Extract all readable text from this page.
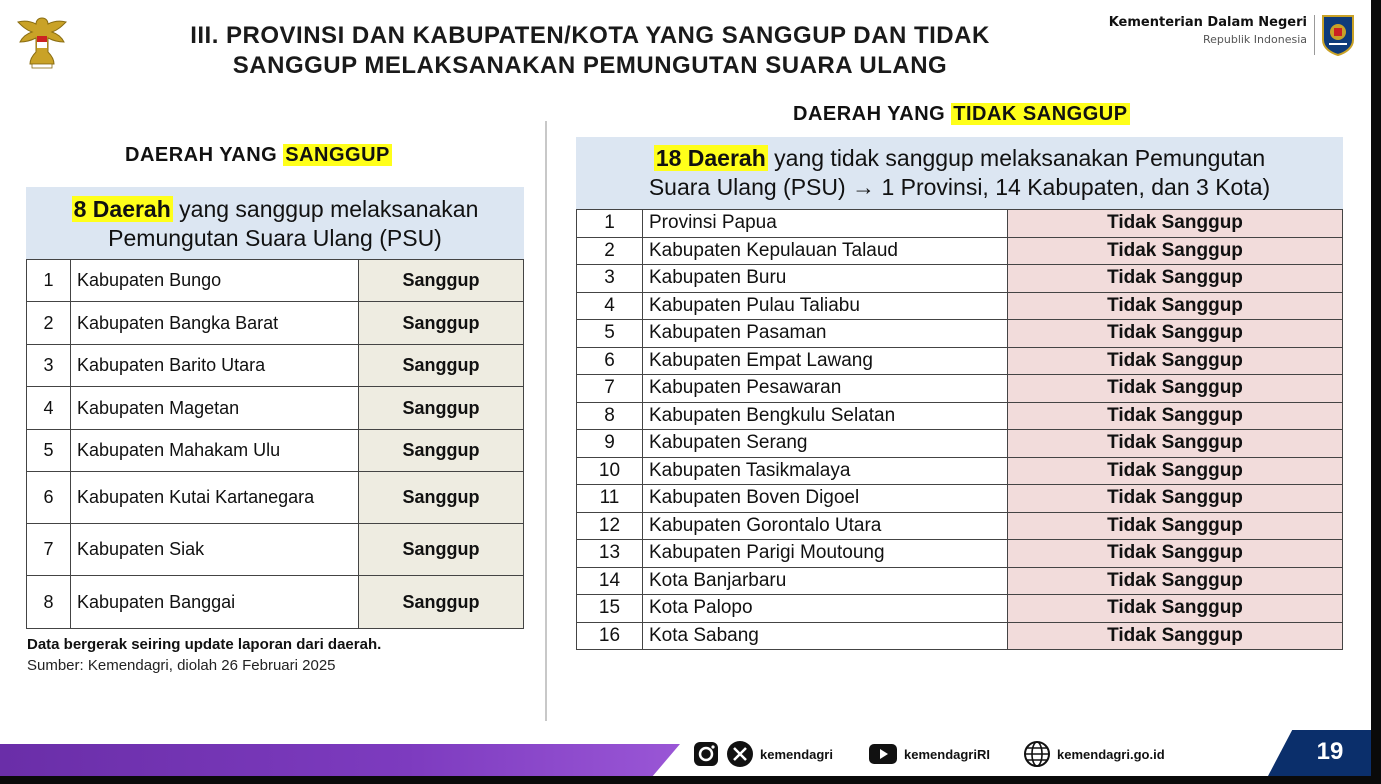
III. PROVINSI DAN KABUPATEN/KOTA YANG SANGGUP DAN TIDAK
SANGGUP MELAKSANAKAN PEMUNGUTAN SUARA ULANG
Kementerian Dalam Negeri
Republik Indonesia
DAERAH YANG SANGGUP
8 Daerah yang sanggup melaksanakan
Pemungutan Suara Ulang (PSU)
1	Kabupaten Bungo	Sanggup
2	Kabupaten Bangka Barat	Sanggup
3	Kabupaten Barito Utara	Sanggup
4	Kabupaten Magetan	Sanggup
5	Kabupaten Mahakam Ulu	Sanggup
6	Kabupaten Kutai Kartanegara	Sanggup
7	Kabupaten Siak	Sanggup
8	Kabupaten Banggai	Sanggup
Data bergerak seiring update laporan dari daerah.
Sumber: Kemendagri, diolah 26 Februari 2025
DAERAH YANG TIDAK SANGGUP
18 Daerah yang tidak sanggup melaksanakan Pemungutan
Suara Ulang (PSU) → 1 Provinsi, 14 Kabupaten, dan 3 Kota)
1	Provinsi Papua	Tidak Sanggup
2	Kabupaten Kepulauan Talaud	Tidak Sanggup
3	Kabupaten Buru	Tidak Sanggup
4	Kabupaten Pulau Taliabu	Tidak Sanggup
5	Kabupaten Pasaman	Tidak Sanggup
6	Kabupaten Empat Lawang	Tidak Sanggup
7	Kabupaten Pesawaran	Tidak Sanggup
8	Kabupaten Bengkulu Selatan	Tidak Sanggup
9	Kabupaten Serang	Tidak Sanggup
10	Kabupaten Tasikmalaya	Tidak Sanggup
11	Kabupaten Boven Digoel	Tidak Sanggup
12	Kabupaten Gorontalo Utara	Tidak Sanggup
13	Kabupaten Parigi Moutoung	Tidak Sanggup
14	Kota Banjarbaru	Tidak Sanggup
15	Kota Palopo	Tidak Sanggup
16	Kota Sabang	Tidak Sanggup
kemendagri	kemendagriRI	kemendagri.go.id	19
